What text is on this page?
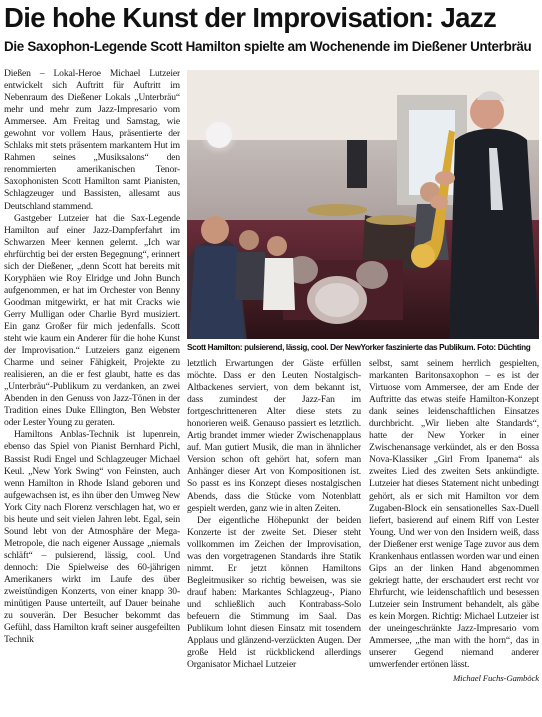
Die hohe Kunst der Improvisation: Jazz
Die Saxophon-Legende Scott Hamilton spielte am Wochenende im Dießener Unterbräu

Dießen – Lokal-Heroe Michael Lutzeier entwickelt sich Auftritt für Auftritt im Nebenraum des Dießener Lokals „Unterbräu“ mehr und mehr zum Jazz-Impresario vom Ammersee. Am Freitag und Samstag, wie gewohnt vor vollem Haus, präsentierte der Schlaks mit stets präsentem markantem Hut im Rahmen seines „Musiksalons“ den renommierten amerikanischen Tenor-Saxophonisten Scott Hamilton samt Pianisten, Schlagzeuger und Bassisten, allesamt aus Deutschland stammend.

Gastgeber Lutzeier hat die Sax-Legende Hamilton auf einer Jazz-Dampferfahrt im Schwarzen Meer kennen gelernt. „Ich war ehrfürchtig bei der ersten Begegnung“, erinnert sich der Dießener, „denn Scott hat bereits mit Koryphäen wie Roy Elridge und John Bunch aufgenommen, er hat im Orchester von Benny Goodman mitgewirkt, er hat mit Cracks wie Gerry Mulligan oder Charlie Byrd musiziert. Ein ganz Großer für mich jedenfalls. Scott steht wie kaum ein Anderer für die hohe Kunst der Improvisation.“ Lutzeiers ganz eigenem Charme und seiner Fähigkeit, Projekte zu realisieren, an die er fest glaubt, hatte es das „Unterbräu“-Publikum zu verdanken, an zwei Abenden in den Genuss von Jazz-Tönen in der Tradition eines Duke Ellington, Ben Webster oder Lester Young zu geraten.

Hamiltons Anblas-Technik ist lupenrein, ebenso das Spiel von Pianist Bernhard Pichl, Bassist Rudi Engel und Schlagzeuger Michael Keul. „New York Swing“ von Feinsten, auch wenn Hamilton in Rhode Island geboren und aufgewachsen ist, es ihn über den Umweg New York City nach Florenz verschlagen hat, wo er bis heute und seit vielen Jahren lebt. Egal, sein Sound lebt von der Atmosphäre der Mega-Metropole, die nach eigener Aussage „niemals schläft“ – pulsierend, lässig, cool. Und dennoch: Die Spielweise des 60-jährigen Amerikaners wirkt im Laufe des über zweistündigen Konzerts, von einer knapp 30-minütigen Pause unterteilt, auf Dauer beinahe zu souverän. Der Besucher bekommt das Gefühl, dass Hamilton kraft seiner ausgefeilten Technik

Scott Hamilton: pulsierend, lässig, cool. Der NewYorker faszinierte das Publikum. Foto: Düchting

letztlich Erwartungen der Gäste erfüllen möchte. Dass er den Leuten Nostalgisch-Altbackenes serviert, von dem bekannt ist, dass zumindest der Jazz-Fan im fortgeschritteneren Alter diese stets zu honorieren weiß. Genauso passiert es letztlich. Artig brandet immer wieder Zwischenapplaus auf. Man gutiert Musik, die man in ähnlicher Version schon oft gehört hat, sofern man Anhänger dieser Art von Kompositionen ist. So passt es ins Konzept dieses nostalgischen Abends, dass die Stücke vom Notenblatt gespielt werden, ganz wie in alten Zeiten.

Der eigentliche Höhepunkt der beiden Konzerte ist der zweite Set. Dieser steht vollkommen im Zeichen der Improvisation, was den vorgetragenen Standards ihre Statik nimmt. Er jetzt können Hamiltons Begleitmusiker so richtig beweisen, was sie drauf haben: Markantes Schlagzeug-, Piano und schließlich auch Kontrabass-Solo befeuern die Stimmung im Saal. Das Publikum lohnt diesen Einsatz mit tosendem Applaus und glänzend-verzückten Augen. Der große Held ist rückblickend allerdings Organisator Michael Lutzeier

selbst, samt seinem herrlich gespielten, markanten Baritonsaxophon – es ist der Virtuose vom Ammersee, der am Ende der Auftritte das etwas steife Hamilton-Konzept dank seines leidenschaftlichen Einsatzes durchbricht. „Wir lieben alte Standards“, hatte der New Yorker in einer Zwischenansage verkündet, als er den Bossa Nova-Klassiker „Girl From Ipanema“ als zweites Lied des zweiten Sets ankündigte. Lutzeier hat dieses Statement nicht unbedingt gehört, als er sich mit Hamilton vor dem Zugaben-Block ein sensationelles Sax-Duell liefert, basierend auf einem Riff von Lester Young. Und wer von den Insidern weiß, dass der Dießener erst wenige Tage zuvor aus dem Krankenhaus entlassen worden war und einen Gips an der linken Hand abgenommen gekriegt hatte, der erschaudert erst recht vor Ehrfurcht, wie leidenschaftlich und besessen Lutzeier sein Instrument behandelt, als gäbe es kein Morgen. Richtig: Michael Lutzeier ist der uneingeschränkte Jazz-Impresario vom Ammersee, „the man with the horn“, das in unserer Gegend niemand anderer umwerfender ertönen lässt.

Michael Fuchs-Gamböck
